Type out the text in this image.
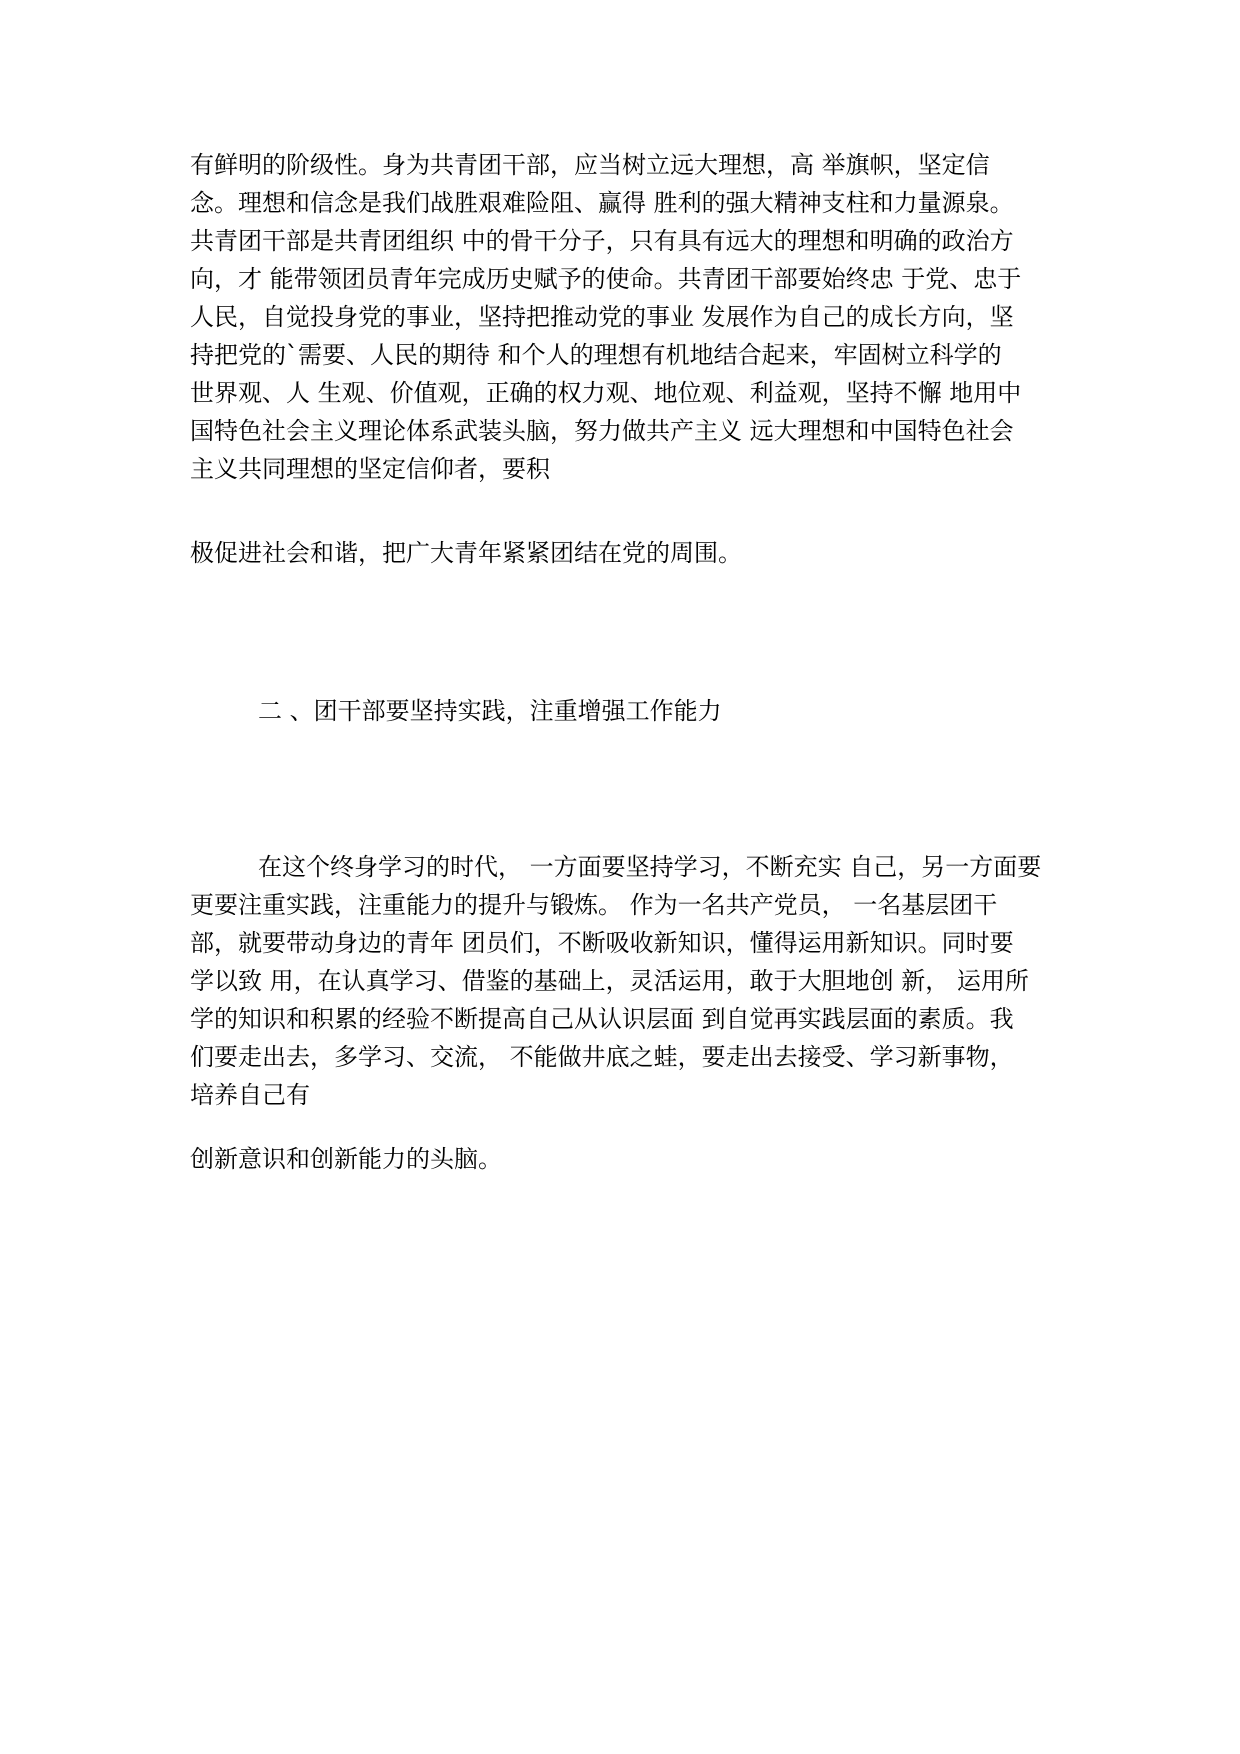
有鲜明的阶级性。身为共青团干部，应当树立远大理想，高 举旗帜，坚定信
念。理想和信念是我们战胜艰难险阻、赢得 胜利的强大精神支柱和力量源泉。
共青团干部是共青团组织 中的骨干分子，只有具有远大的理想和明确的政治方
向，才 能带领团员青年完成历史赋予的使命。共青团干部要始终忠 于党、忠于
人民，自觉投身党的事业，坚持把推动党的事业 发展作为自己的成长方向，坚
持把党的`需要、人民的期待 和个人的理想有机地结合起来，牢固树立科学的
世界观、人 生观、价值观，正确的权力观、地位观、利益观，坚持不懈 地用中
国特色社会主义理论体系武装头脑，努力做共产主义 远大理想和中国特色社会
主义共同理想的坚定信仰者，要积
极促进社会和谐，把广大青年紧紧团结在党的周围。
二 、团干部要坚持实践，注重增强工作能力
在这个终身学习的时代， 一方面要坚持学习，不断充实 自己，另一方面要
更要注重实践，注重能力的提升与锻炼。 作为一名共产党员， 一名基层团干
部，就要带动身边的青年 团员们，不断吸收新知识，懂得运用新知识。同时要
学以致 用，在认真学习、借鉴的基础上，灵活运用，敢于大胆地创 新， 运用所
学的知识和积累的经验不断提高自己从认识层面 到自觉再实践层面的素质。我
们要走出去，多学习、交流， 不能做井底之蛙，要走出去接受、学习新事物，
培养自己有
创新意识和创新能力的头脑。
